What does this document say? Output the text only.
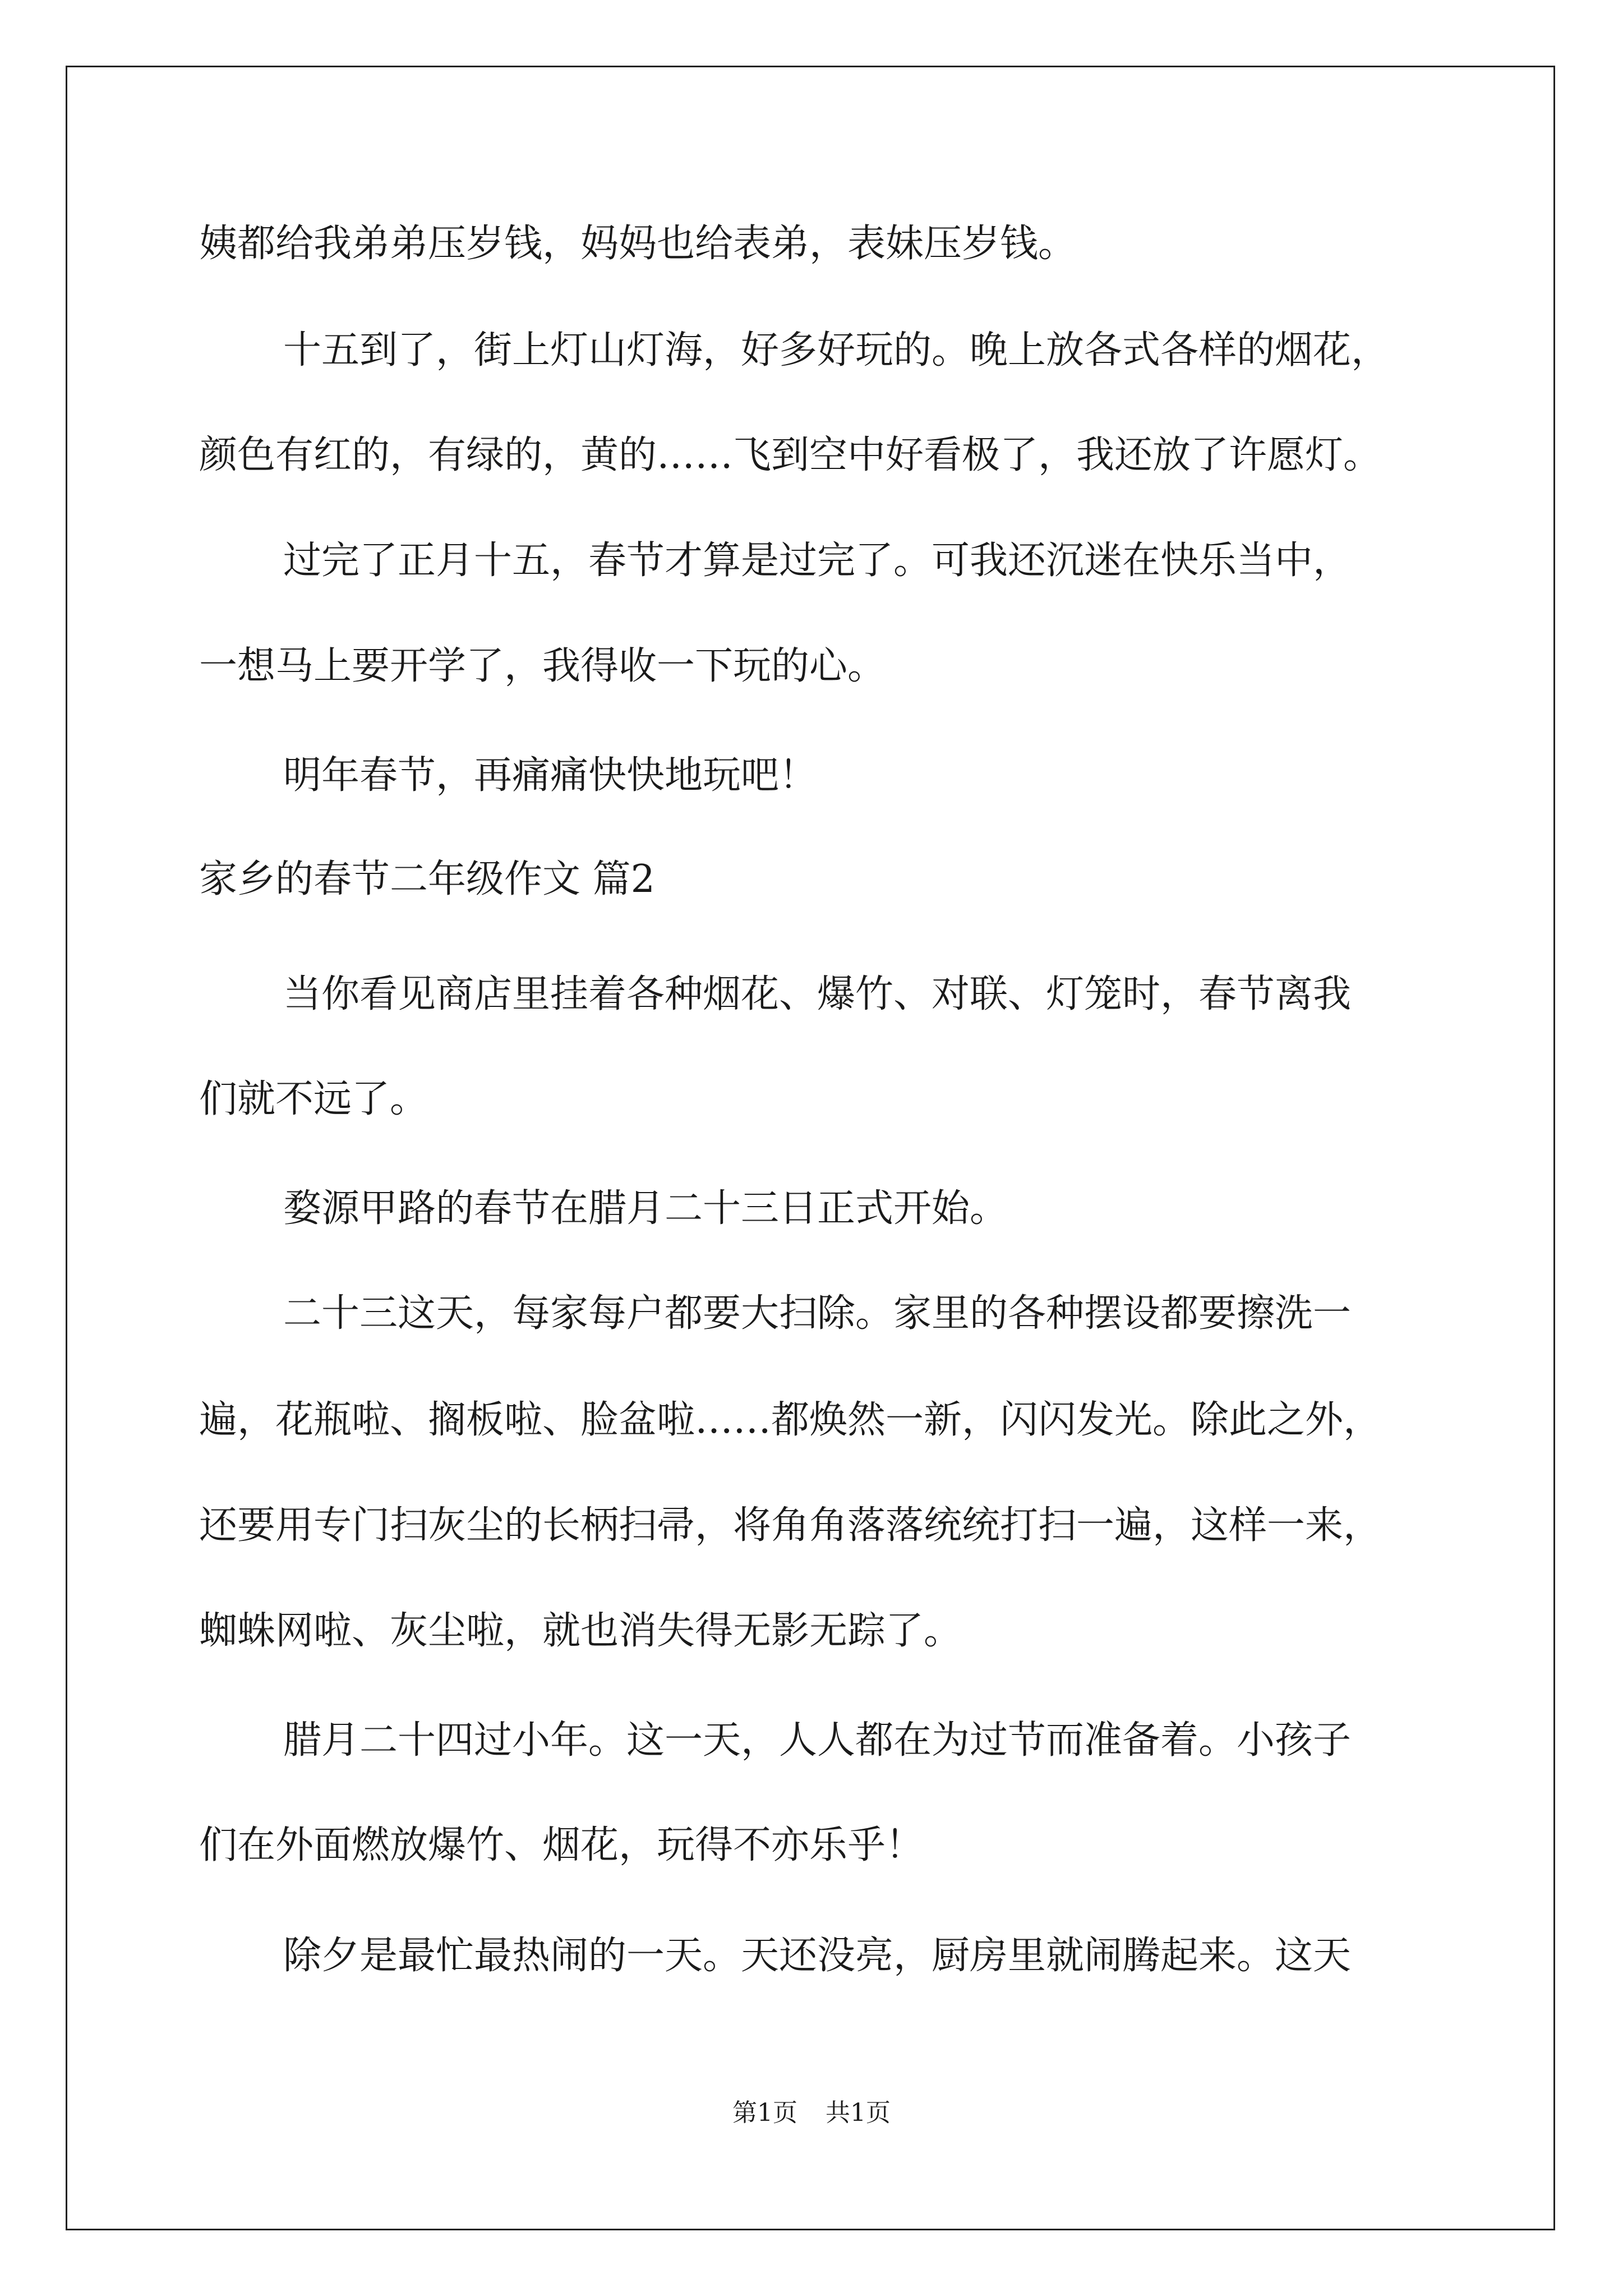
姨都给我弟弟压岁钱，妈妈也给表弟，表妹压岁钱。
十五到了，街上灯山灯海，好多好玩的。晚上放各式各样的烟花，
颜色有红的，有绿的，黄的……飞到空中好看极了，我还放了许愿灯。
过完了正月十五，春节才算是过完了。可我还沉迷在快乐当中，
一想马上要开学了，我得收一下玩的心。
明年春节，再痛痛快快地玩吧！
家乡的春节二年级作文 篇2
当你看见商店里挂着各种烟花、爆竹、对联、灯笼时，春节离我
们就不远了。
婺源甲路的春节在腊月二十三日正式开始。
二十三这天，每家每户都要大扫除。家里的各种摆设都要擦洗一
遍，花瓶啦、搁板啦、脸盆啦……都焕然一新，闪闪发光。除此之外，
还要用专门扫灰尘的长柄扫帚，将角角落落统统打扫一遍，这样一来，
蜘蛛网啦、灰尘啦，就也消失得无影无踪了。
腊月二十四过小年。这一天，人人都在为过节而准备着。小孩子
们在外面燃放爆竹、烟花，玩得不亦乐乎！
除夕是最忙最热闹的一天。天还没亮，厨房里就闹腾起来。这天
第1页 共1页
